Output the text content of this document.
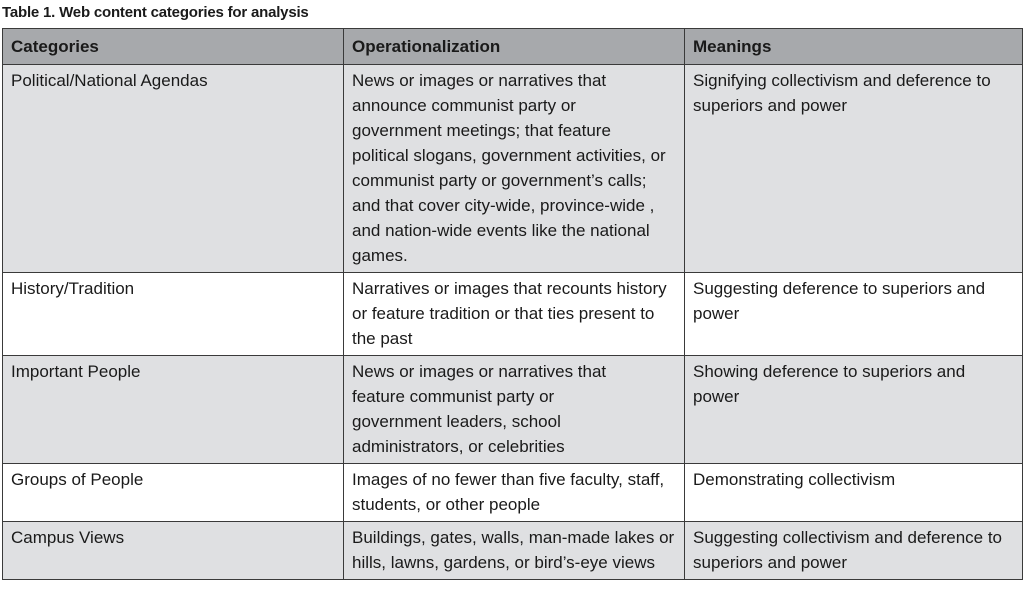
Table 1. Web content categories for analysis
Categories	Operationalization	Meanings
Political/National Agendas	News or images or narratives that announce communist party or government meetings; that feature political slogans, government activities, or communist party or government’s calls; and that cover city-wide, province-wide , and nation-wide events like the national games.	Signifying collectivism and deference to superiors and power
History/Tradition	Narratives or images that recounts history or feature tradition or that ties present to the past	Suggesting deference to superiors and power
Important People	News or images or narratives that feature communist party or government leaders, school administrators, or celebrities	Showing deference to superiors and power
Groups of People	Images of no fewer than five faculty, staff, students, or other people	Demonstrating collectivism
Campus Views	Buildings, gates, walls, man-made lakes or hills, lawns, gardens, or bird’s-eye views	Suggesting collectivism and deference to superiors and power
